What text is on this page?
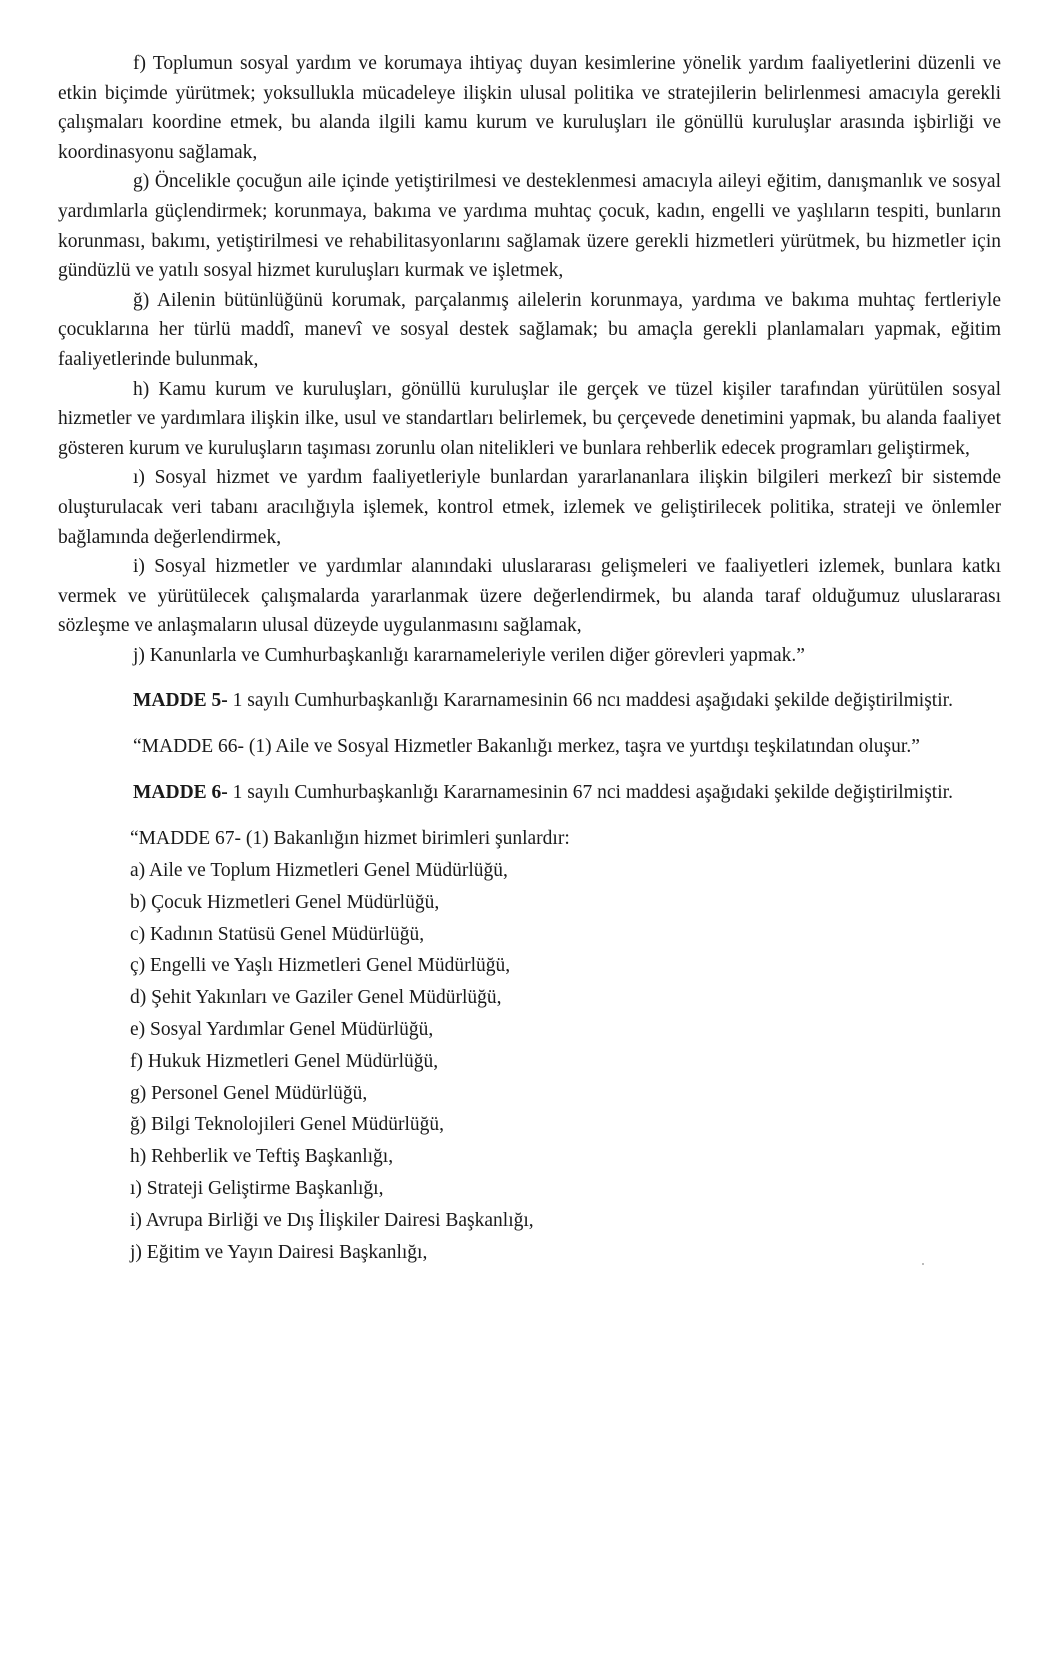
f) Toplumun sosyal yardım ve korumaya ihtiyaç duyan kesimlerine yönelik yardım faaliyetlerini düzenli ve etkin biçimde yürütmek; yoksullukla mücadeleye ilişkin ulusal politika ve stratejilerin belirlenmesi amacıyla gerekli çalışmaları koordine etmek, bu alanda ilgili kamu kurum ve kuruluşları ile gönüllü kuruluşlar arasında işbirliği ve koordinasyonu sağlamak,

g) Öncelikle çocuğun aile içinde yetiştirilmesi ve desteklenmesi amacıyla aileyi eğitim, danışmanlık ve sosyal yardımlarla güçlendirmek; korunmaya, bakıma ve yardıma muhtaç çocuk, kadın, engelli ve yaşlıların tespiti, bunların korunması, bakımı, yetiştirilmesi ve rehabilitasyonlarını sağlamak üzere gerekli hizmetleri yürütmek, bu hizmetler için gündüzlü ve yatılı sosyal hizmet kuruluşları kurmak ve işletmek,

ğ) Ailenin bütünlüğünü korumak, parçalanmış ailelerin korunmaya, yardıma ve bakıma muhtaç fertleriyle çocuklarına her türlü maddî, manevî ve sosyal destek sağlamak; bu amaçla gerekli planlamaları yapmak, eğitim faaliyetlerinde bulunmak,

h) Kamu kurum ve kuruluşları, gönüllü kuruluşlar ile gerçek ve tüzel kişiler tarafından yürütülen sosyal hizmetler ve yardımlara ilişkin ilke, usul ve standartları belirlemek, bu çerçevede denetimini yapmak, bu alanda faaliyet gösteren kurum ve kuruluşların taşıması zorunlu olan nitelikleri ve bunlara rehberlik edecek programları geliştirmek,

ı) Sosyal hizmet ve yardım faaliyetleriyle bunlardan yararlananlara ilişkin bilgileri merkezî bir sistemde oluşturulacak veri tabanı aracılığıyla işlemek, kontrol etmek, izlemek ve geliştirilecek politika, strateji ve önlemler bağlamında değerlendirmek,

i) Sosyal hizmetler ve yardımlar alanındaki uluslararası gelişmeleri ve faaliyetleri izlemek, bunlara katkı vermek ve yürütülecek çalışmalarda yararlanmak üzere değerlendirmek, bu alanda taraf olduğumuz uluslararası sözleşme ve anlaşmaların ulusal düzeyde uygulanmasını sağlamak,

j) Kanunlarla ve Cumhurbaşkanlığı kararnameleriyle verilen diğer görevleri yapmak.”

MADDE 5- 1 sayılı Cumhurbaşkanlığı Kararnamesinin 66 ncı maddesi aşağıdaki şekilde değiştirilmiştir.

“MADDE 66- (1) Aile ve Sosyal Hizmetler Bakanlığı merkez, taşra ve yurtdışı teşkilatından oluşur.”

MADDE 6- 1 sayılı Cumhurbaşkanlığı Kararnamesinin 67 nci maddesi aşağıdaki şekilde değiştirilmiştir.

“MADDE 67- (1) Bakanlığın hizmet birimleri şunlardır:

a) Aile ve Toplum Hizmetleri Genel Müdürlüğü,
b) Çocuk Hizmetleri Genel Müdürlüğü,
c) Kadının Statüsü Genel Müdürlüğü,
ç) Engelli ve Yaşlı Hizmetleri Genel Müdürlüğü,
d) Şehit Yakınları ve Gaziler Genel Müdürlüğü,
e) Sosyal Yardımlar Genel Müdürlüğü,
f) Hukuk Hizmetleri Genel Müdürlüğü,
g) Personel Genel Müdürlüğü,
ğ) Bilgi Teknolojileri Genel Müdürlüğü,
h) Rehberlik ve Teftiş Başkanlığı,
ı) Strateji Geliştirme Başkanlığı,
i) Avrupa Birliği ve Dış İlişkiler Dairesi Başkanlığı,
j) Eğitim ve Yayın Dairesi Başkanlığı,
